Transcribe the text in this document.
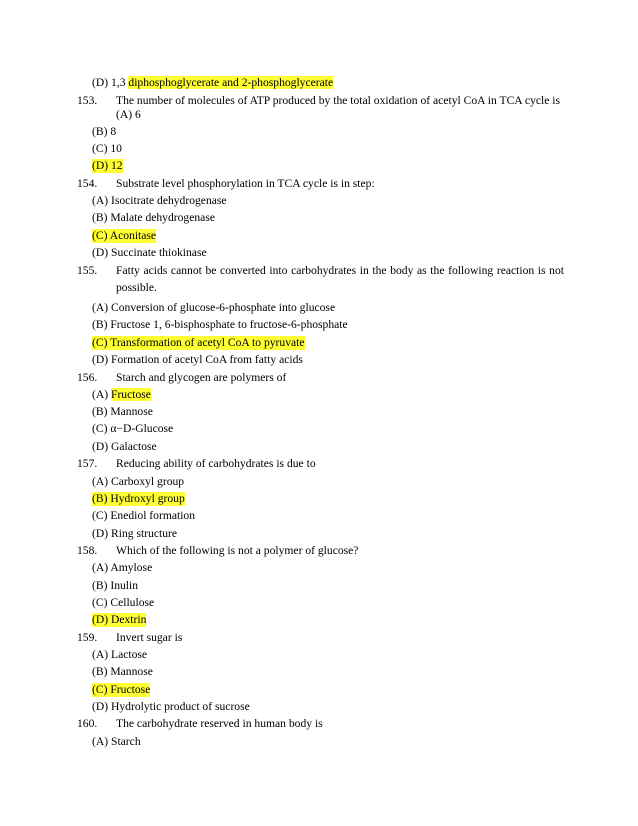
(D) 1,3 diphosphoglycerate and 2-phosphoglycerate
153. The number of molecules of ATP produced by the total oxidation of acetyl CoA in TCA cycle is
(A) 6
(B) 8
(C) 10
(D) 12
154. Substrate level phosphorylation in TCA cycle is in step:
(A) Isocitrate dehydrogenase
(B) Malate dehydrogenase
(C) Aconitase
(D) Succinate thiokinase
155. Fatty acids cannot be converted into carbohydrates in the body as the following reaction is not
possible.
(A) Conversion of glucose-6-phosphate into glucose
(B) Fructose 1, 6-bisphosphate to fructose-6-phosphate
(C) Transformation of acetyl CoA to pyruvate
(D) Formation of acetyl CoA from fatty acids
156. Starch and glycogen are polymers of
(A) Fructose
(B) Mannose
(C) α−D-Glucose
(D) Galactose
157. Reducing ability of carbohydrates is due to
(A) Carboxyl group
(B) Hydroxyl group
(C) Enediol formation
(D) Ring structure
158. Which of the following is not a polymer of glucose?
(A) Amylose
(B) Inulin
(C) Cellulose
(D) Dextrin
159. Invert sugar is
(A) Lactose
(B) Mannose
(C) Fructose
(D) Hydrolytic product of sucrose
160. The carbohydrate reserved in human body is
(A) Starch
